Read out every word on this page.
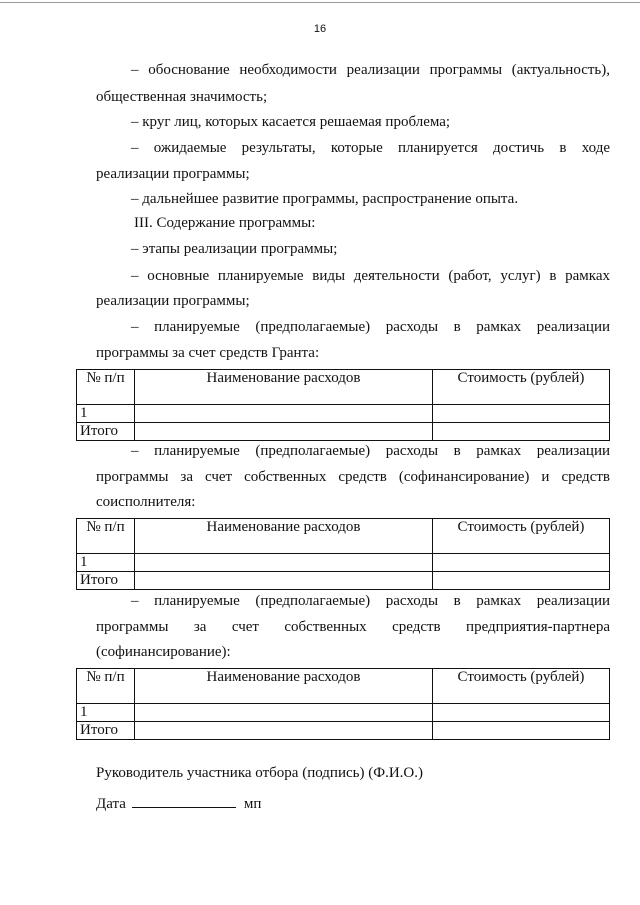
16
– обоснование необходимости реализации программы (актуальность),
общественная значимость;
– круг лиц, которых касается решаемая проблема;
– ожидаемые результаты, которые планируется достичь в ходе
реализации программы;
– дальнейшее развитие программы, распространение опыта.
III. Содержание программы:
– этапы реализации программы;
– основные планируемые виды деятельности (работ, услуг) в рамках
реализации программы;
– планируемые (предполагаемые) расходы в рамках реализации
программы за счет средств Гранта:
№ п/п	Наименование расходов	Стоимость (рублей)
1		
Итого		
– планируемые (предполагаемые) расходы в рамках реализации
программы за счет собственных средств (софинансирование) и средств
соисполнителя:
№ п/п	Наименование расходов	Стоимость (рублей)
1		
Итого		
– планируемые (предполагаемые) расходы в рамках реализации
программы за счет собственных средств предприятия-партнера
(софинансирование):
№ п/п	Наименование расходов	Стоимость (рублей)
1		
Итого		
Руководитель участника отбора (подпись) (Ф.И.О.)
Дата	мп
